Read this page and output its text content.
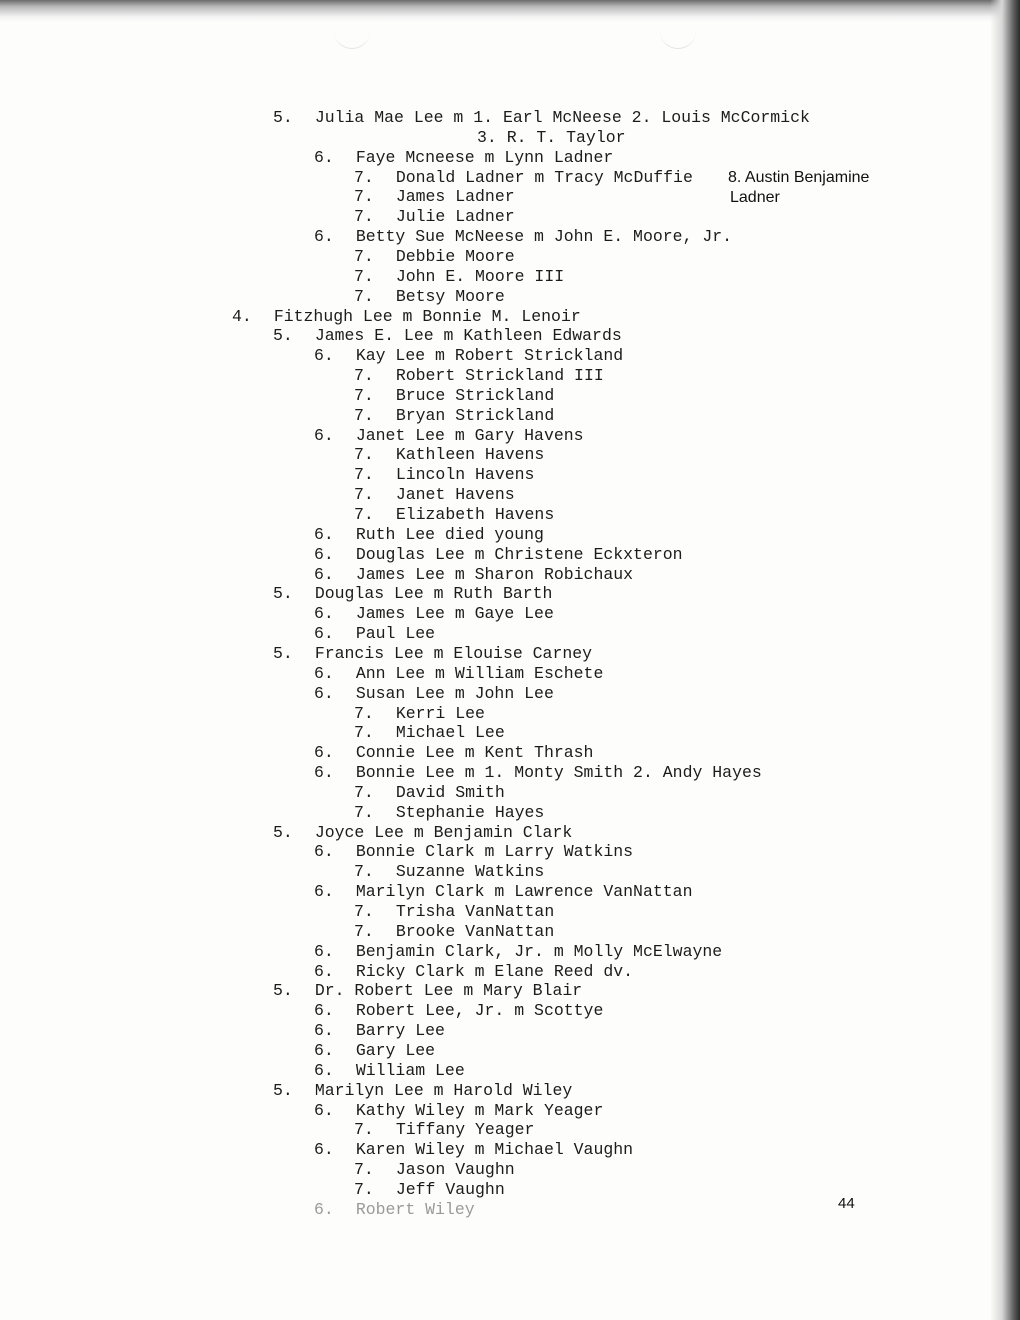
5. Julia Mae Lee m 1. Earl McNeese 2. Louis McCormick
3. R. T. Taylor
6. Faye Mcneese m Lynn Ladner
7. Donald Ladner m Tracy McDuffie
7. James Ladner
7. Julie Ladner
6. Betty Sue McNeese m John E. Moore, Jr.
7. Debbie Moore
7. John E. Moore III
7. Betsy Moore
4. Fitzhugh Lee m Bonnie M. Lenoir
5. James E. Lee m Kathleen Edwards
6. Kay Lee m Robert Strickland
7. Robert Strickland III
7. Bruce Strickland
7. Bryan Strickland
6. Janet Lee m Gary Havens
7. Kathleen Havens
7. Lincoln Havens
7. Janet Havens
7. Elizabeth Havens
6. Ruth Lee died young
6. Douglas Lee m Christene Eckxteron
6. James Lee m Sharon Robichaux
5. Douglas Lee m Ruth Barth
6. James Lee m Gaye Lee
6. Paul Lee
5. Francis Lee m Elouise Carney
6. Ann Lee m William Eschete
6. Susan Lee m John Lee
7. Kerri Lee
7. Michael Lee
6. Connie Lee m Kent Thrash
6. Bonnie Lee m 1. Monty Smith 2. Andy Hayes
7. David Smith
7. Stephanie Hayes
5. Joyce Lee m Benjamin Clark
6. Bonnie Clark m Larry Watkins
7. Suzanne Watkins
6. Marilyn Clark m Lawrence VanNattan
7. Trisha VanNattan
7. Brooke VanNattan
6. Benjamin Clark, Jr. m Molly McElwayne
6. Ricky Clark m Elane Reed dv.
5. Dr. Robert Lee m Mary Blair
6. Robert Lee, Jr. m Scottye
6. Barry Lee
6. Gary Lee
6. William Lee
5. Marilyn Lee m Harold Wiley
6. Kathy Wiley m Mark Yeager
7. Tiffany Yeager
6. Karen Wiley m Michael Vaughn
7. Jason Vaughn
7. Jeff Vaughn
6. Robert Wiley
8. Austin Benjamine
Ladner
44
